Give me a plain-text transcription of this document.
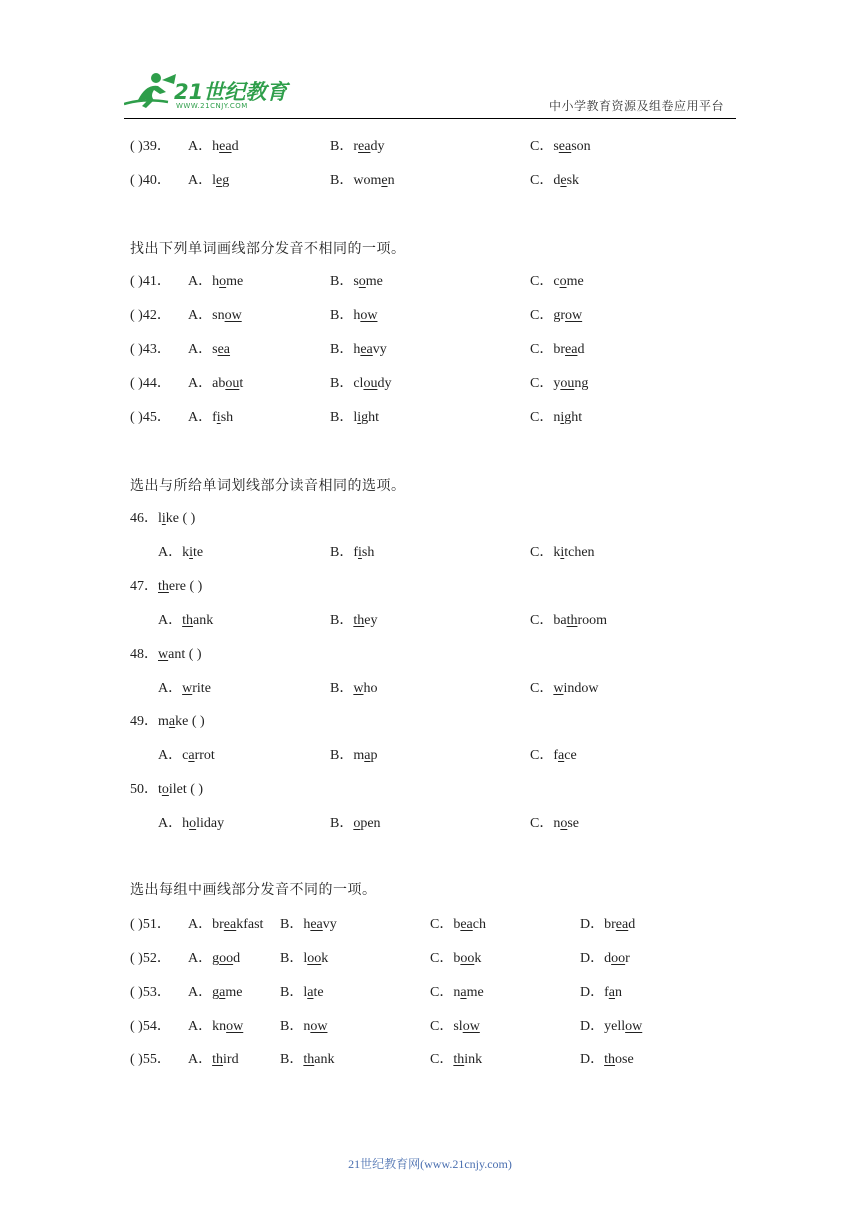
21世纪教育
WWW.21CNJY.COM	中小学教育资源及组卷应用平台
( )39． A．head	B．ready	C．season
( )40． A．leg	B．women	C．desk
找出下列单词画线部分发音不相同的一项。
( )41． A．home	B．some	C．come
( )42． A．snow	B．how	C．grow
( )43． A．sea	B．heavy	C．bread
( )44． A．about	B．cloudy	C．young
( )45． A．fish	B．light	C．night
选出与所给单词划线部分读音相同的选项。
46．like ( )
A．kite	B．fish	C．kitchen
47．there ( )
A．thank	B．they	C．bathroom
48．want ( )
A．write	B．who	C．window
49．make ( )
A．carrot	B．map	C．face
50．toilet ( )
A．holiday	B．open	C．nose
选出每组中画线部分发音不同的一项。
( )51． A．breakfast B．heavy	C．beach	D．bread
( )52． A．good	B．look	C．book	D．door
( )53． A．game	B．late	C．name	D．fan
( )54． A．know	B．now	C．slow	D．yellow
( )55． A．third	B．thank	C．think	D．those
21世纪教育网(www.21cnjy.com)
